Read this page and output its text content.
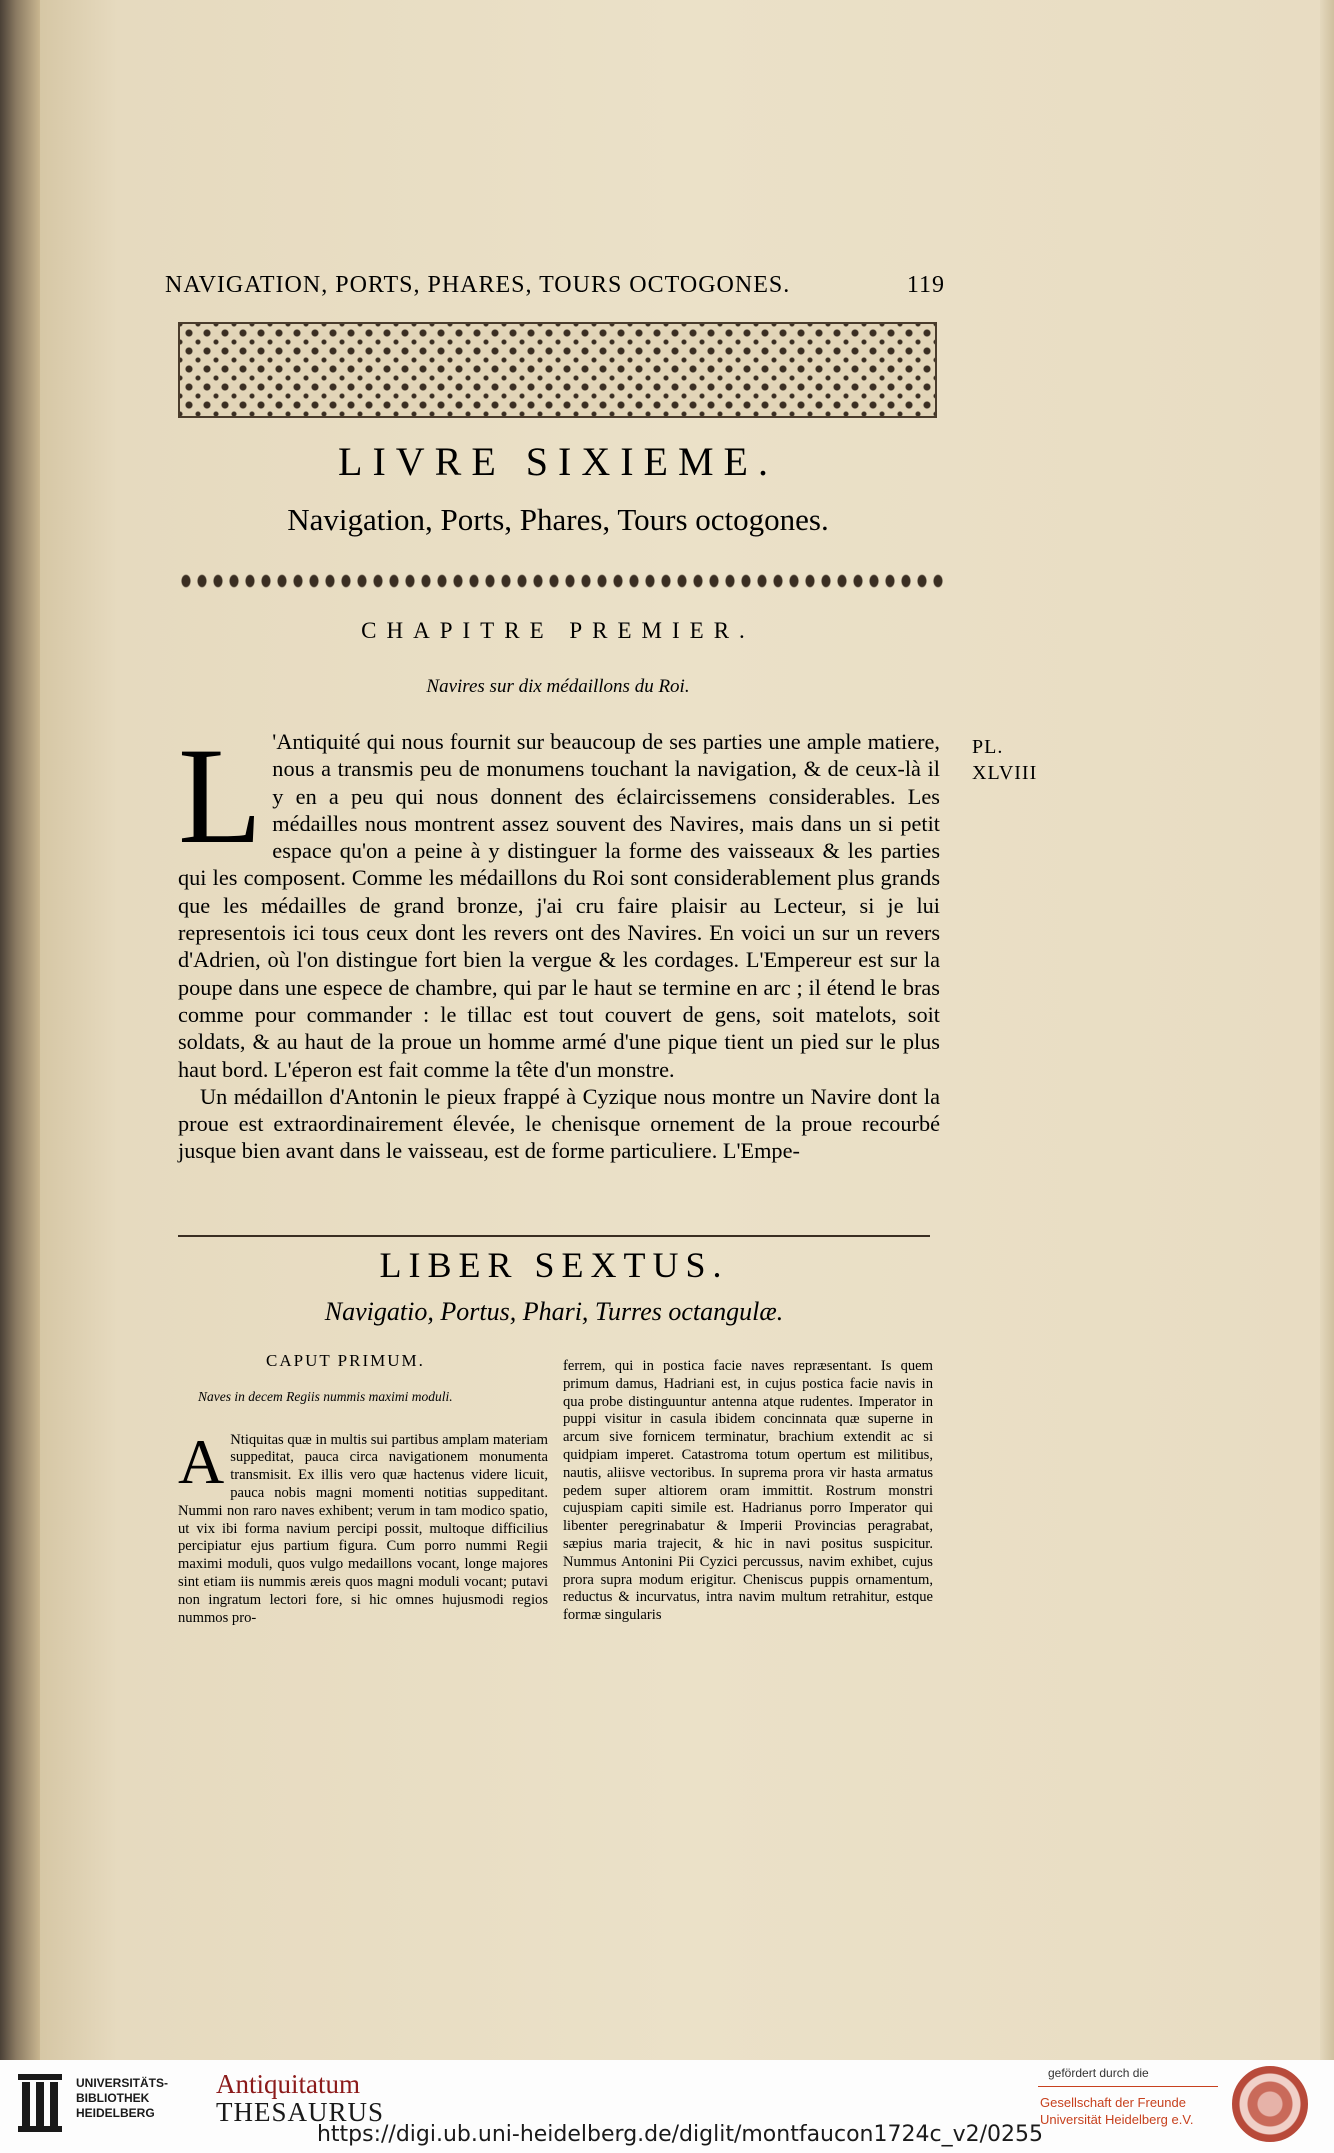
NAVIGATION, PORTS, PHARES, TOURS OCTOGONES.	119
LIVRE SIXIEME.
Navigation, Ports, Phares, Tours octogones.
CHAPITRE PREMIER.
Navires sur dix médaillons du Roi.
L 'Antiquité qui nous fournit sur beaucoup de ses parties une ample matiere, nous a transmis peu de monumens touchant la navigation, & de ceux-là il y en a peu qui nous donnent des éclaircissemens considerables. Les médailles nous montrent assez souvent des Navires, mais dans un si petit espace qu'on a peine à y distinguer la forme des vaisseaux & les parties qui les composent. Comme les médaillons du Roi sont considerablement plus grands que les médailles de grand bronze, j'ai cru faire plaisir au Lecteur, si je lui representois ici tous ceux dont les revers ont des Navires. En voici un sur un revers d'Adrien, où l'on distingue fort bien la vergue & les cordages. L'Empereur est sur la poupe dans une espece de chambre, qui par le haut se termine en arc ; il étend le bras comme pour commander : le tillac est tout couvert de gens, soit matelots, soit soldats, & au haut de la proue un homme armé d'une pique tient un pied sur le plus haut bord. L'éperon est fait comme la tête d'un monstre.

Un médaillon d'Antonin le pieux frappé à Cyzique nous montre un Navire dont la proue est extraordinairement élevée, le chenisque ornement de la proue recourbé jusque bien avant dans le vaisseau, est de forme particuliere. L'Empe-

PL. XLVIII
LIBER SEXTUS.
Navigatio, Portus, Phari, Turres octangulæ.
CAPUT PRIMUM.
Naves in decem Regiis nummis maximi moduli.
A Ntiquitas quæ in multis sui partibus amplam materiam suppeditat, pauca circa navigationem monumenta transmisit. Ex illis vero quæ hactenus videre licuit, pauca nobis magni momenti notitias suppeditant. Nummi non raro naves exhibent; verum in tam modico spatio, ut vix ibi forma navium percipi possit, multoque difficilius percipiatur ejus partium figura. Cum porro nummi Regii maximi moduli, quos vulgo medaillons vocant, longe majores sint etiam iis nummis æreis quos magni moduli vocant; putavi non ingratum lectori fore, si hic omnes hujusmodi regios nummos pro-

ferrem, qui in postica facie naves repræsentant. Is quem primum damus, Hadriani est, in cujus postica facie navis in qua probe distinguuntur antenna atque rudentes. Imperator in puppi visitur in casula ibidem concinnata quæ superne in arcum sive fornicem terminatur, brachium extendit ac si quidpiam imperet. Catastroma totum opertum est militibus, nautis, aliisve vectoribus. In suprema prora vir hasta armatus pedem super altiorem oram immittit. Rostrum monstri cujuspiam capiti simile est. Hadrianus porro Imperator qui libenter peregrinabatur & Imperii Provincias peragrabat, sæpius maria trajecit, & hic in navi positus suspicitur. Nummus Antonini Pii Cyzici percussus, navim exhibet, cujus prora supra modum erigitur. Cheniscus puppis ornamentum, reductus & incurvatus, intra navim multum retrahitur, estque formæ singularis

UNIVERSITÄTS-
BIBLIOTHEK
HEIDELBERG
Antiquitatum
THESAURUS
https://digi.ub.uni-heidelberg.de/diglit/montfaucon1724c_v2/0255
gefördert durch die
Gesellschaft der Freunde
Universität Heidelberg e.V.
